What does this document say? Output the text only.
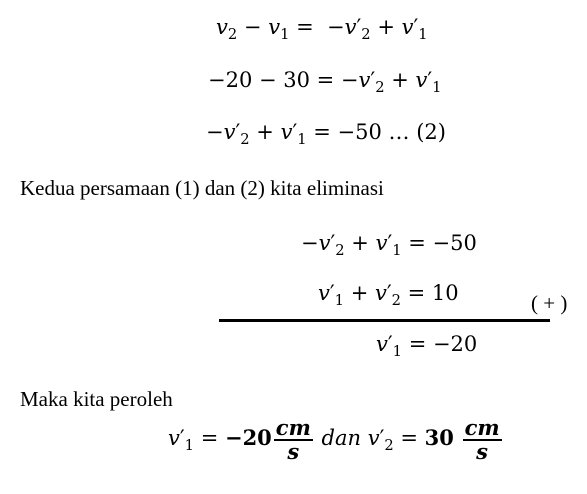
$v_2 - v_1 = -v'_2 + v'_1$
$-20 - 30 = -v'_2 + v'_1$
$-v'_2 + v'_1 = -50$ … (2)
Kedua persamaan (1) dan (2) kita eliminasi
$-v'_2 + v'_1 = -50$
$v'_1 + v'_2 = 10$	( + )
$v'_1 = -20$
Maka kita peroleh
$v'_1 = -20 \frac{cm}{s}$ dan $v'_2 = 30 \frac{cm}{s}$
